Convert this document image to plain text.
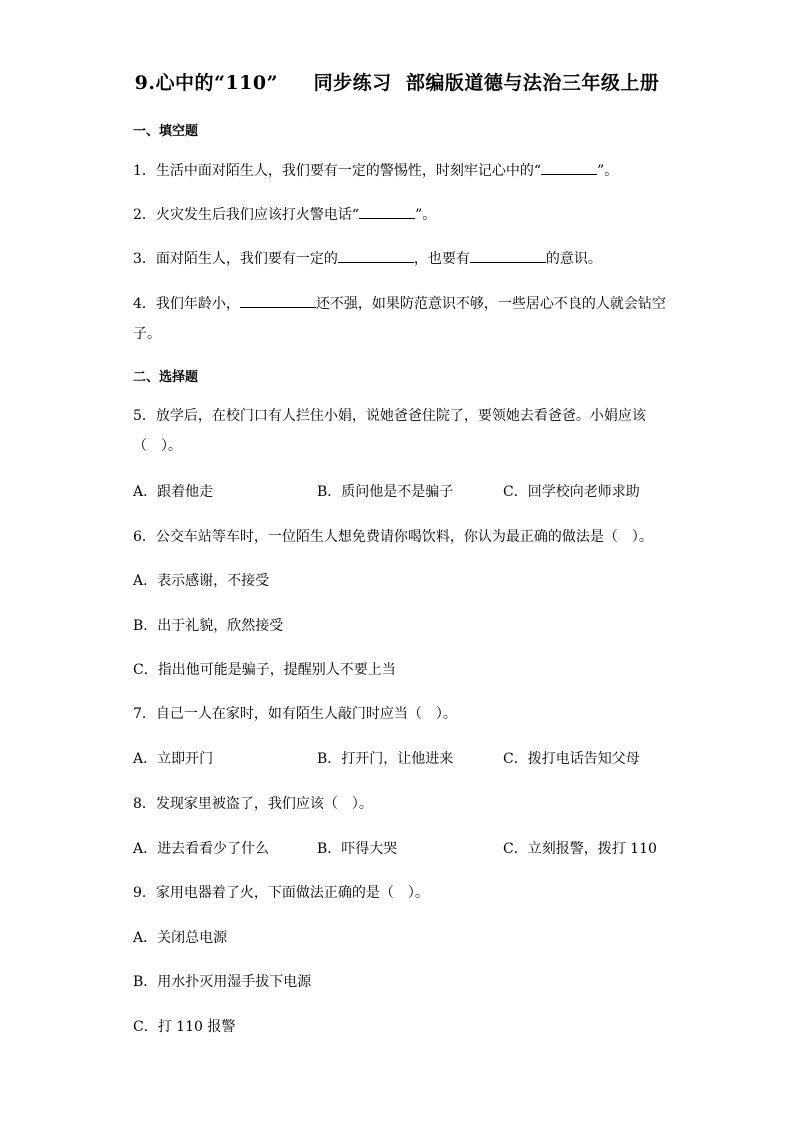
9.心中的“110”     同步练习  部编版道德与法治三年级上册
一、填空题
1．生活中面对陌生人，我们要有一定的警惕性，时刻牢记心中的“	”。
2．火灾发生后我们应该打火警电话“	”。
3．面对陌生人，我们要有一定的	，也要有	的意识。
4．我们年龄小，	还不强，如果防范意识不够，一些居心不良的人就会钻空
子。
二、选择题
5．放学后，在校门口有人拦住小娟，说她爸爸住院了，要领她去看爸爸。小娟应该
（　）。
A．跟着他走	B．质问他是不是骗子	C．回学校向老师求助
6．公交车站等车时，一位陌生人想免费请你喝饮料，你认为最正确的做法是（　）。
A．表示感谢，不接受
B．出于礼貌，欣然接受
C．指出他可能是骗子，提醒别人不要上当
7．自己一人在家时，如有陌生人敲门时应当（　）。
A．立即开门	B．打开门，让他进来	C．拨打电话告知父母
8．发现家里被盗了，我们应该（　）。
A．进去看看少了什么	B．吓得大哭	C．立刻报警，拨打 110
9．家用电器着了火，下面做法正确的是（　）。
A．关闭总电源
B．用水扑灭用湿手拔下电源
C．打 110 报警
